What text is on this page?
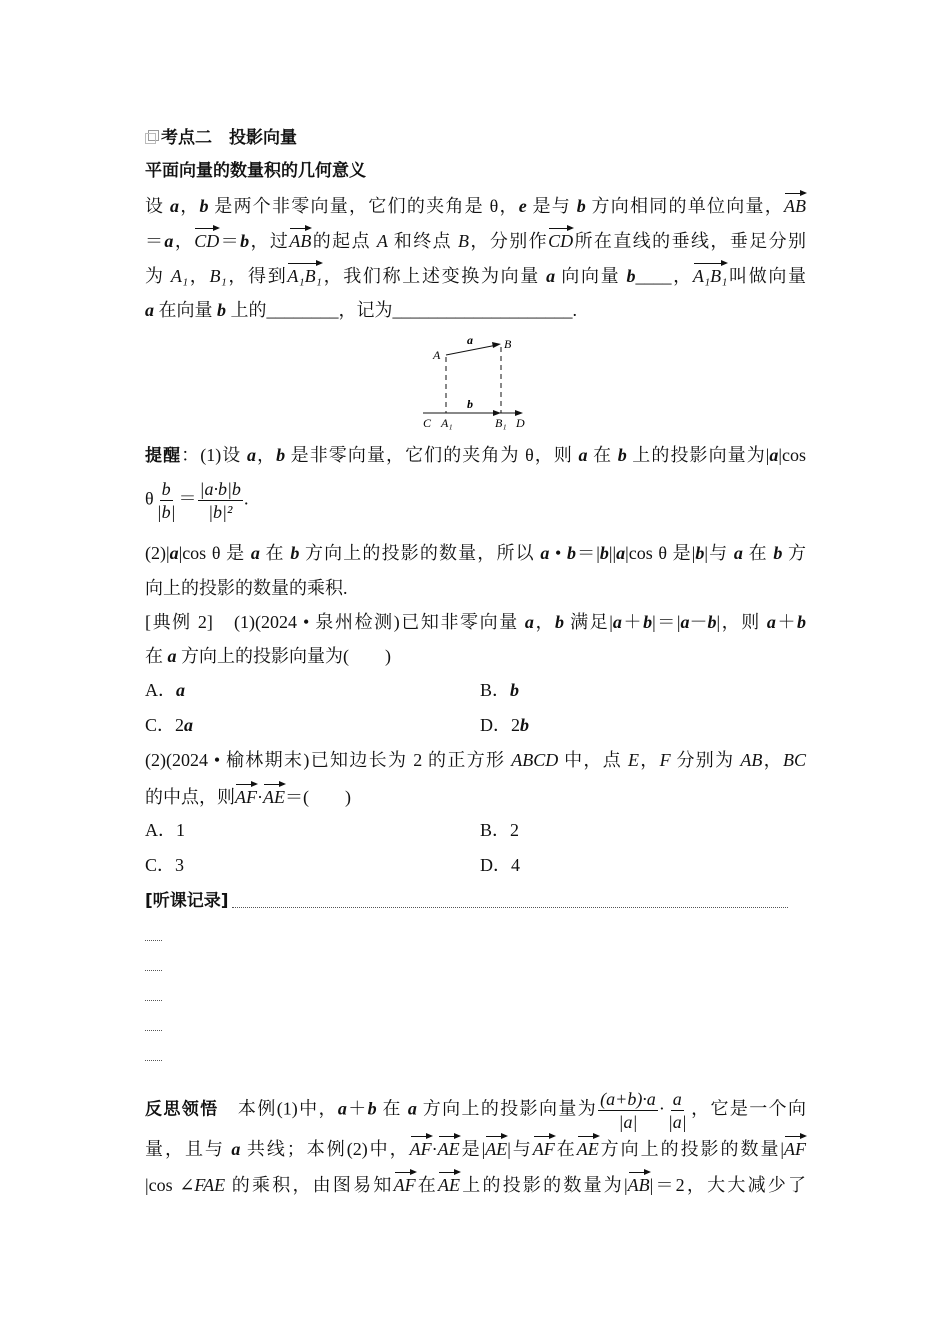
考点二　投影向量
平面向量的数量积的几何意义
设 a，b 是两个非零向量，它们的夹角是 θ，e 是与 b 方向相同的单位向量，AB
＝a，CD＝b，过AB的起点 A 和终点 B，分别作CD所在直线的垂线，垂足分别
为 A₁，B₁，得到A₁B₁，我们称上述变换为向量 a 向向量 b____，A₁B₁叫做向量
a 在向量 b 上的________，记为____________________.
A
B
a
b
C A₁	B₁ D
提醒：(1)设 a，b 是非零向量，它们的夹角为 θ，则 a 在 b 上的投影向量为|a|cos
θ $\frac{b}{|b|} = \frac{|a\cdot b|b}{\text{|b|²}}$ .
(2)|a|cos θ 是 a 在 b 方向上的投影的数量，所以 a • b＝|b||a|cos θ 是|b|与 a 在 b 方
向上的投影的数量的乘积.
[典例 2]　(1)(2024 • 泉州检测)已知非零向量 a，b 满足|a＋b|＝|a－b|，则 a＋b
在 a 方向上的投影向量为(　　)
A．a	B．b
C．2a	D．2b
(2)(2024 • 榆林期末)已知边长为 2 的正方形 ABCD 中，点 E，F 分别为 AB，BC
的中点，则AF·AE＝(　　)
A．1	B．2
C．3	D．4
[听课记录]
反思领悟　本例(1)中，a＋b 在 a 方向上的投影向量为 $\frac{(a+b)\cdot a}{|a|} \cdot \frac{a}{|a|}$ ，它是一个向
量，且与 a 共线；本例(2)中，AF·AE是|AE|与AF在AE方向上的投影的数量|AF
|cos ∠FAE 的乘积，由图易知AF在AE上的投影的数量为|AB|＝2，大大减少了
